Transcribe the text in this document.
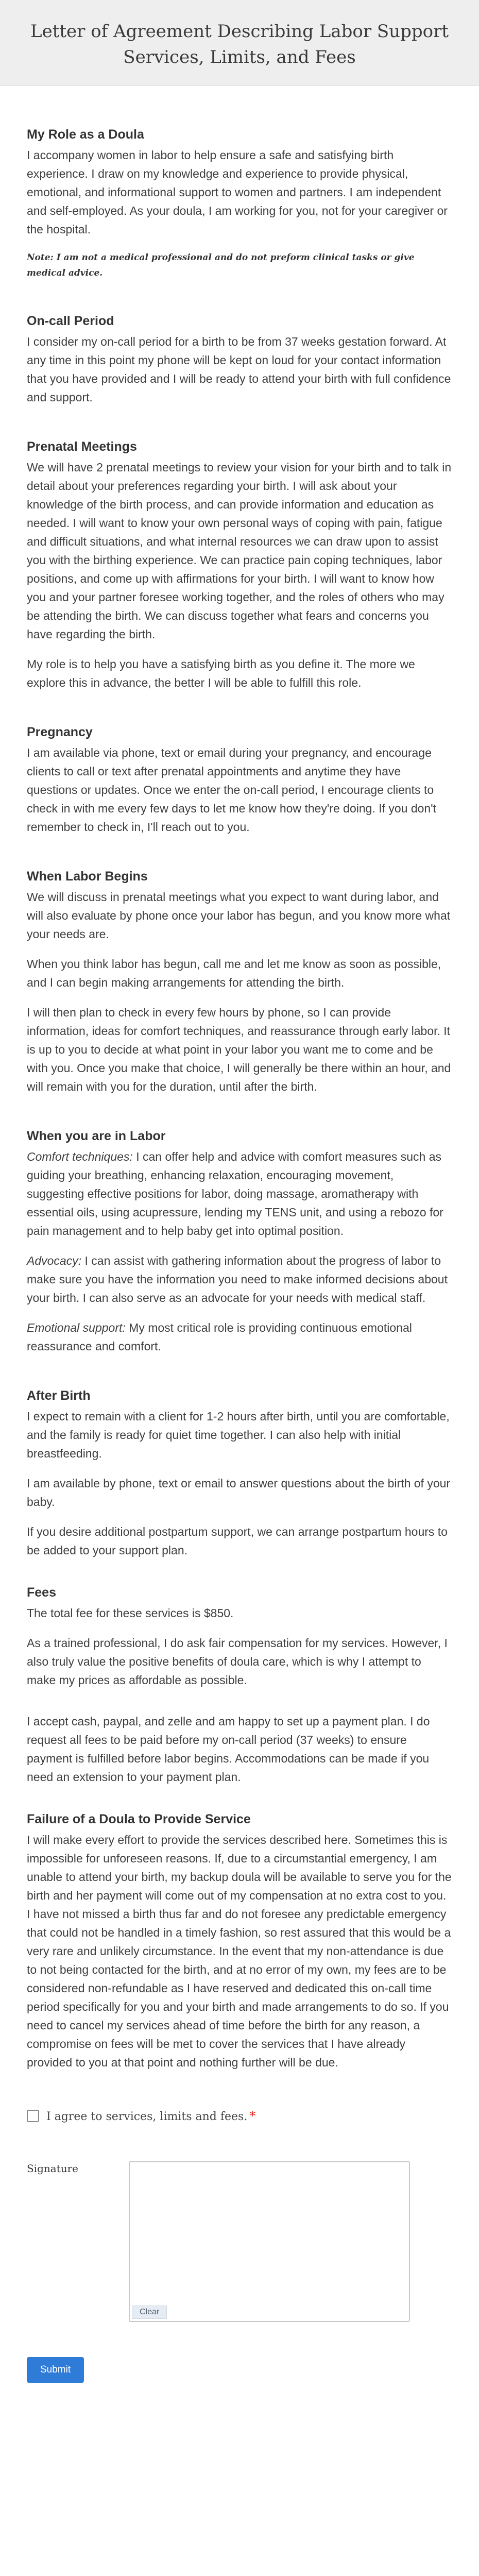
Letter of Agreement Describing Labor Support Services, Limits, and Fees
My Role as a Doula

I accompany women in labor to help ensure a safe and satisfying birth experience. I draw on my knowledge and experience to provide physical, emotional, and informational support to women and partners. I am independent and self-employed. As your doula, I am working for you, not for your caregiver or the hospital.

Note: I am not a medical professional and do not preform clinical tasks or give medical advice.

On-call Period

I consider my on-call period for a birth to be from 37 weeks gestation forward. At any time in this point my phone will be kept on loud for your contact information that you have provided and I will be ready to attend your birth with full confidence and support.

Prenatal Meetings

We will have 2 prenatal meetings to review your vision for your birth and to talk in detail about your preferences regarding your birth. I will ask about your knowledge of the birth process, and can provide information and education as needed. I will want to know your own personal ways of coping with pain, fatigue and difficult situations, and what internal resources we can draw upon to assist you with the birthing experience. We can practice pain coping techniques, labor positions, and come up with affirmations for your birth. I will want to know how you and your partner foresee working together, and the roles of others who may be attending the birth. We can discuss together what fears and concerns you have regarding the birth.

My role is to help you have a satisfying birth as you define it. The more we explore this in advance, the better I will be able to fulfill this role.

Pregnancy

I am available via phone, text or email during your pregnancy, and encourage clients to call or text after prenatal appointments and anytime they have questions or updates. Once we enter the on-call period, I encourage clients to check in with me every few days to let me know how they're doing. If you don't remember to check in, I'll reach out to you.

When Labor Begins

We will discuss in prenatal meetings what you expect to want during labor, and will also evaluate by phone once your labor has begun, and you know more what your needs are.

When you think labor has begun, call me and let me know as soon as possible, and I can begin making arrangements for attending the birth.

I will then plan to check in every few hours by phone, so I can provide information, ideas for comfort techniques, and reassurance through early labor. It is up to you to decide at what point in your labor you want me to come and be with you. Once you make that choice, I will generally be there within an hour, and will remain with you for the duration, until after the birth.

When you are in Labor

Comfort techniques: I can offer help and advice with comfort measures such as guiding your breathing, enhancing relaxation, encouraging movement, suggesting effective positions for labor, doing massage, aromatherapy with essential oils, using acupressure, lending my TENS unit, and using a rebozo for pain management and to help baby get into optimal position.

Advocacy: I can assist with gathering information about the progress of labor to make sure you have the information you need to make informed decisions about your birth. I can also serve as an advocate for your needs with medical staff.

Emotional support: My most critical role is providing continuous emotional reassurance and comfort.

After Birth

I expect to remain with a client for 1-2 hours after birth, until you are comfortable, and the family is ready for quiet time together. I can also help with initial breastfeeding.

I am available by phone, text or email to answer questions about the birth of your baby.

If you desire additional postpartum support, we can arrange postpartum hours to be added to your support plan.

Fees

The total fee for these services is $850.

As a trained professional, I do ask fair compensation for my services. However, I also truly value the positive benefits of doula care, which is why I attempt to make my prices as affordable as possible.

I accept cash, paypal, and zelle and am happy to set up a payment plan. I do request all fees to be paid before my on-call period (37 weeks) to ensure payment is fulfilled before labor begins. Accommodations can be made if you need an extension to your payment plan.

Failure of a Doula to Provide Service

I will make every effort to provide the services described here. Sometimes this is impossible for unforeseen reasons. If, due to a circumstantial emergency, I am unable to attend your birth, my backup doula will be available to serve you for the birth and her payment will come out of my compensation at no extra cost to you. I have not missed a birth thus far and do not foresee any predictable emergency that could not be handled in a timely fashion, so rest assured that this would be a very rare and unlikely circumstance. In the event that my non-attendance is due to not being contacted for the birth, and at no error of my own, my fees are to be considered non-refundable as I have reserved and dedicated this on-call time period specifically for you and your birth and made arrangements to do so. If you need to cancel my services ahead of time before the birth for any reason, a compromise on fees will be met to cover the services that I have already provided to you at that point and nothing further will be due.

I agree to services, limits and fees. *
Signature
Clear
Submit
